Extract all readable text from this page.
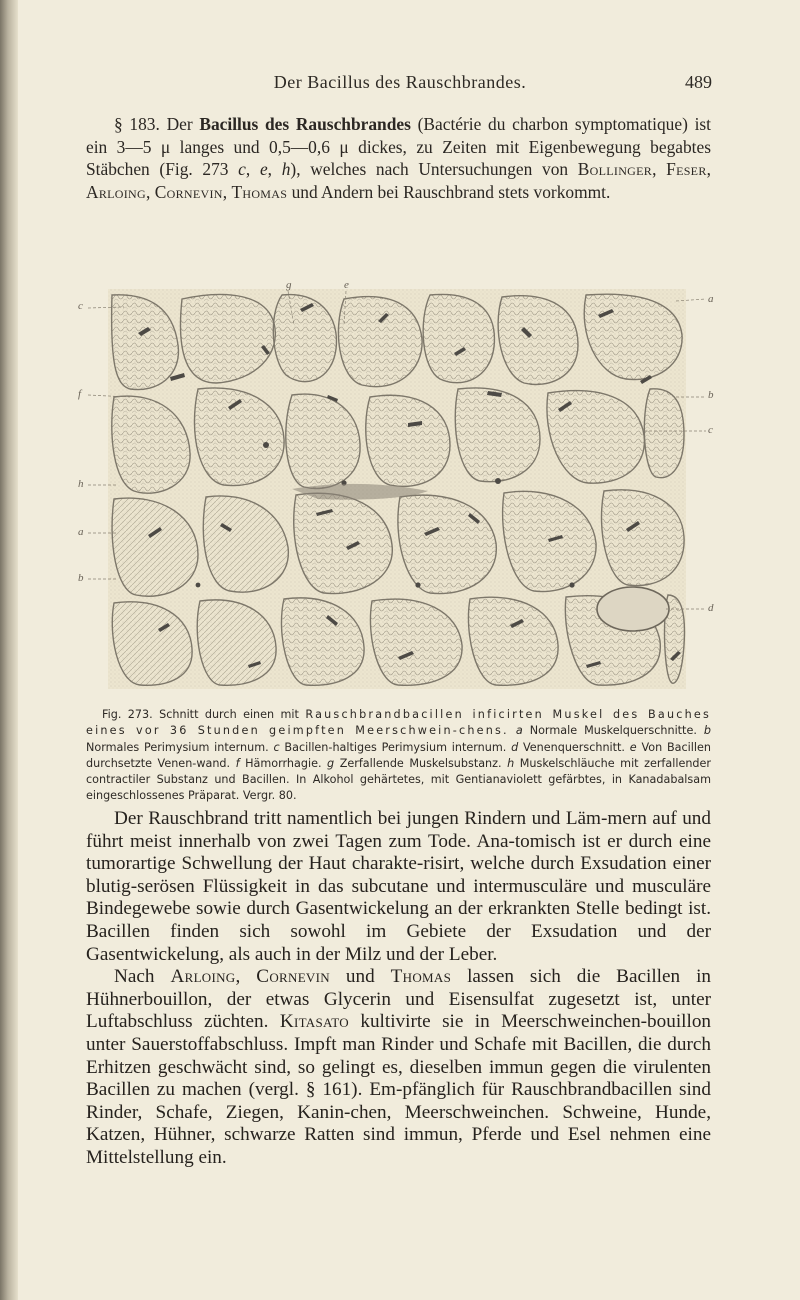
Der Bacillus des Rauschbrandes.	489

§ 183. Der Bacillus des Rauschbrandes (Bactérie du charbon symptomatique) ist ein 3—5 μ langes und 0,5—0,6 μ dickes, zu Zeiten mit Eigenbewegung begabtes Stäbchen (Fig. 273 c, e, h), welches nach Untersuchungen von Bollinger, Feser, Arloing, Cornevin, Thomas und Andern bei Rauschbrand stets vorkommt.

g	e
c
a
f	b
c
h
a
b
d

Fig. 273. Schnitt durch einen mit Rauschbrandbacillen inficirten Muskel des Bauches eines vor 36 Stunden geimpften Meerschwein-chens. a Normale Muskelquerschnitte. b Normales Perimysium internum. c Bacillen-haltiges Perimysium internum. d Venenquerschnitt. e Von Bacillen durchsetzte Venen-wand. f Hämorrhagie. g Zerfallende Muskelsubstanz. h Muskelschläuche mit zerfallender contractiler Substanz und Bacillen. In Alkohol gehärtetes, mit Gentianaviolett gefärbtes, in Kanadabalsam eingeschlossenes Präparat. Vergr. 80.

Der Rauschbrand tritt namentlich bei jungen Rindern und Läm-mern auf und führt meist innerhalb von zwei Tagen zum Tode. Ana-tomisch ist er durch eine tumorartige Schwellung der Haut charakte-risirt, welche durch Exsudation einer blutig-serösen Flüssigkeit in das subcutane und intermusculäre und musculäre Bindegewebe sowie durch Gasentwickelung an der erkrankten Stelle bedingt ist. Bacillen finden sich sowohl im Gebiete der Exsudation und der Gasentwickelung, als auch in der Milz und der Leber.

Nach Arloing, Cornevin und Thomas lassen sich die Bacillen in Hühnerbouillon, der etwas Glycerin und Eisensulfat zugesetzt ist, unter Luftabschluss züchten. Kitasato kultivirte sie in Meerschweinchen-bouillon unter Sauerstoffabschluss. Impft man Rinder und Schafe mit Bacillen, die durch Erhitzen geschwächt sind, so gelingt es, dieselben immun gegen die virulenten Bacillen zu machen (vergl. § 161). Em-pfänglich für Rauschbrandbacillen sind Rinder, Schafe, Ziegen, Kanin-chen, Meerschweinchen. Schweine, Hunde, Katzen, Hühner, schwarze Ratten sind immun, Pferde und Esel nehmen eine Mittelstellung ein.
